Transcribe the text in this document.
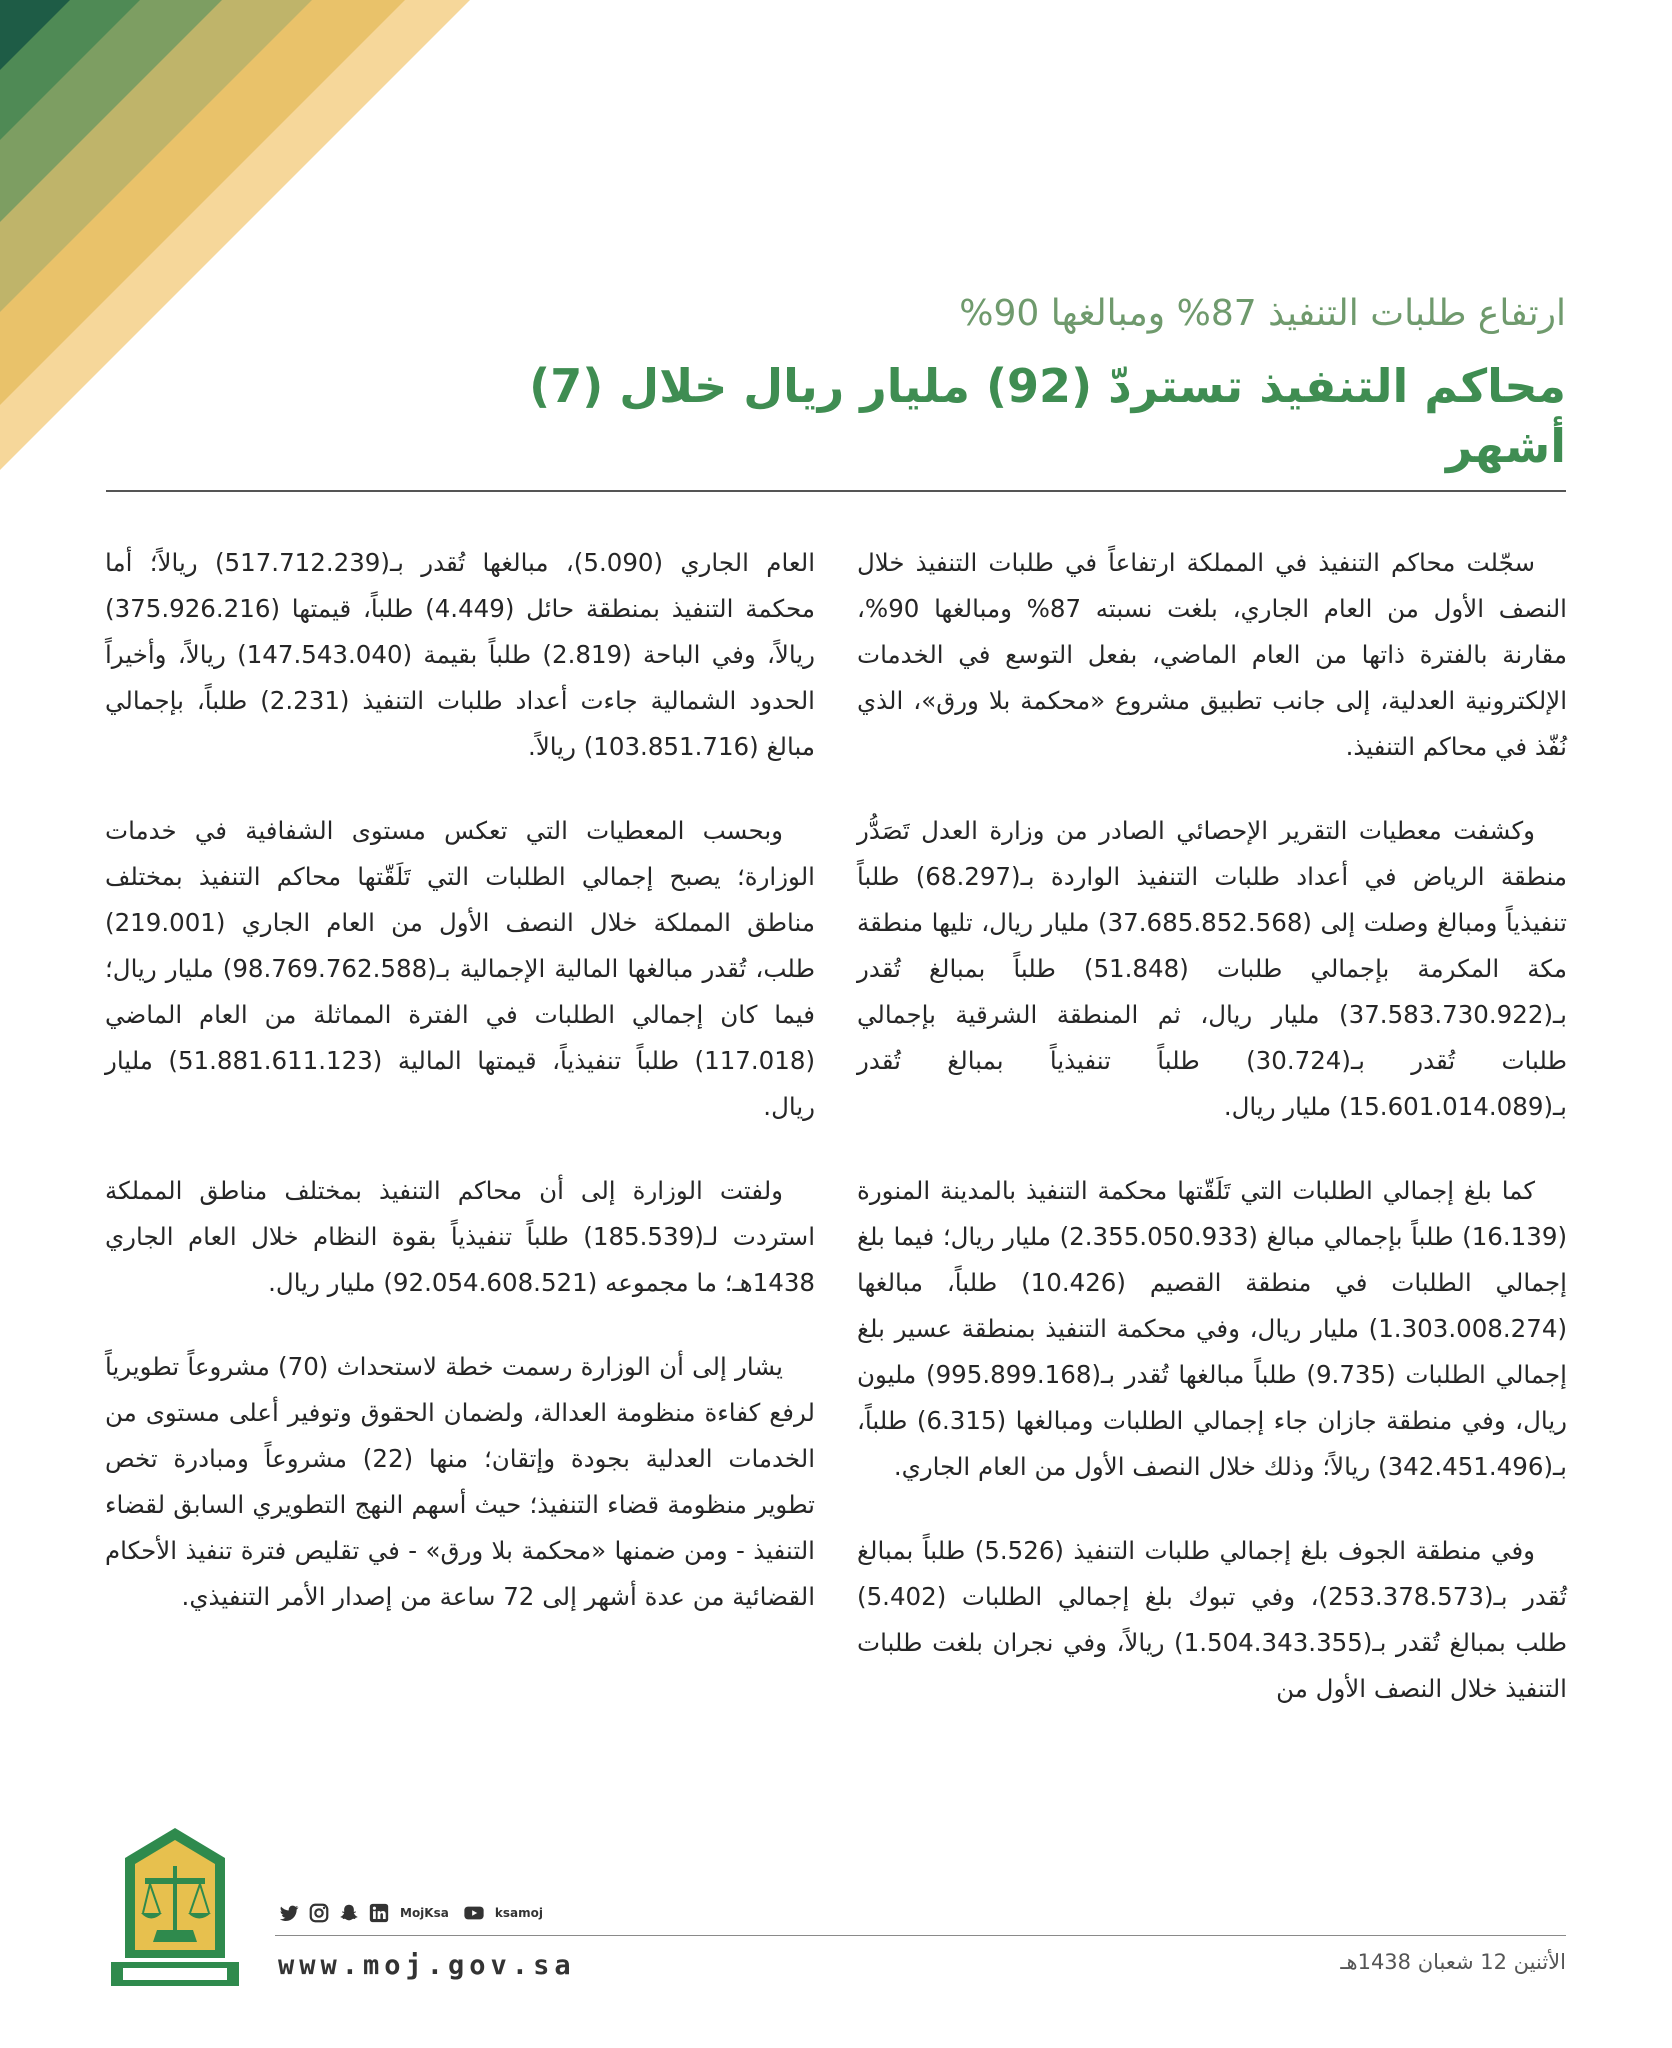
ارتفاع طلبات التنفيذ 87% ومبالغها 90%
محاكم التنفيذ تستردّ (92) مليار ريال خلال (7) أشهر

سجّلت محاكم التنفيذ في المملكة ارتفاعاً في طلبات التنفيذ خلال النصف الأول من العام الجاري، بلغت نسبته 87% ومبالغها 90%، مقارنة بالفترة ذاتها من العام الماضي، بفعل التوسع في الخدمات الإلكترونية العدلية، إلى جانب تطبيق مشروع «محكمة بلا ورق»، الذي نُفّذ في محاكم التنفيذ.

وكشفت معطيات التقرير الإحصائي الصادر من وزارة العدل تَصَدُّر منطقة الرياض في أعداد طلبات التنفيذ الواردة بـ(68.297) طلباً تنفيذياً ومبالغ وصلت إلى (37.685.852.568) مليار ريال، تليها منطقة مكة المكرمة بإجمالي طلبات (51.848) طلباً بمبالغ تُقدر بـ(37.583.730.922) مليار ريال، ثم المنطقة الشرقية بإجمالي طلبات تُقدر بـ(30.724) طلباً تنفيذياً بمبالغ تُقدر بـ(15.601.014.089) مليار ريال.

كما بلغ إجمالي الطلبات التي تَلَقّتها محكمة التنفيذ بالمدينة المنورة (16.139) طلباً بإجمالي مبالغ (2.355.050.933) مليار ريال؛ فيما بلغ إجمالي الطلبات في منطقة القصيم (10.426) طلباً، مبالغها (1.303.008.274) مليار ريال، وفي محكمة التنفيذ بمنطقة عسير بلغ إجمالي الطلبات (9.735) طلباً مبالغها تُقدر بـ(995.899.168) مليون ريال، وفي منطقة جازان جاء إجمالي الطلبات ومبالغها (6.315) طلباً، بـ(342.451.496) ريالاً؛ وذلك خلال النصف الأول من العام الجاري.

وفي منطقة الجوف بلغ إجمالي طلبات التنفيذ (5.526) طلباً بمبالغ تُقدر بـ(253.378.573)، وفي تبوك بلغ إجمالي الطلبات (5.402) طلب بمبالغ تُقدر بـ(1.504.343.355) ريالاً، وفي نجران بلغت طلبات التنفيذ خلال النصف الأول من

العام الجاري (5.090)، مبالغها تُقدر بـ(517.712.239) ريالاً؛ أما محكمة التنفيذ بمنطقة حائل (4.449) طلباً، قيمتها (375.926.216) ريالاً، وفي الباحة (2.819) طلباً بقيمة (147.543.040) ريالاً، وأخيراً الحدود الشمالية جاءت أعداد طلبات التنفيذ (2.231) طلباً، بإجمالي مبالغ (103.851.716) ريالاً.

وبحسب المعطيات التي تعكس مستوى الشفافية في خدمات الوزارة؛ يصبح إجمالي الطلبات التي تَلَقّتها محاكم التنفيذ بمختلف مناطق المملكة خلال النصف الأول من العام الجاري (219.001) طلب، تُقدر مبالغها المالية الإجمالية بـ(98.769.762.588) مليار ريال؛ فيما كان إجمالي الطلبات في الفترة المماثلة من العام الماضي (117.018) طلباً تنفيذياً، قيمتها المالية (51.881.611.123) مليار ريال.

ولفتت الوزارة إلى أن محاكم التنفيذ بمختلف مناطق المملكة استردت لـ(185.539) طلباً تنفيذياً بقوة النظام خلال العام الجاري 1438هـ؛ ما مجموعه (92.054.608.521) مليار ريال.

يشار إلى أن الوزارة رسمت خطة لاستحداث (70) مشروعاً تطويرياً لرفع كفاءة منظومة العدالة، ولضمان الحقوق وتوفير أعلى مستوى من الخدمات العدلية بجودة وإتقان؛ منها (22) مشروعاً ومبادرة تخص تطوير منظومة قضاء التنفيذ؛ حيث أسهم النهج التطويري السابق لقضاء التنفيذ - ومن ضمنها «محكمة بلا ورق» - في تقليص فترة تنفيذ الأحكام القضائية من عدة أشهر إلى 72 ساعة من إصدار الأمر التنفيذي.

MojKsa	ksamoj
www.moj.gov.sa	الأثنين 12 شعبان 1438هـ
